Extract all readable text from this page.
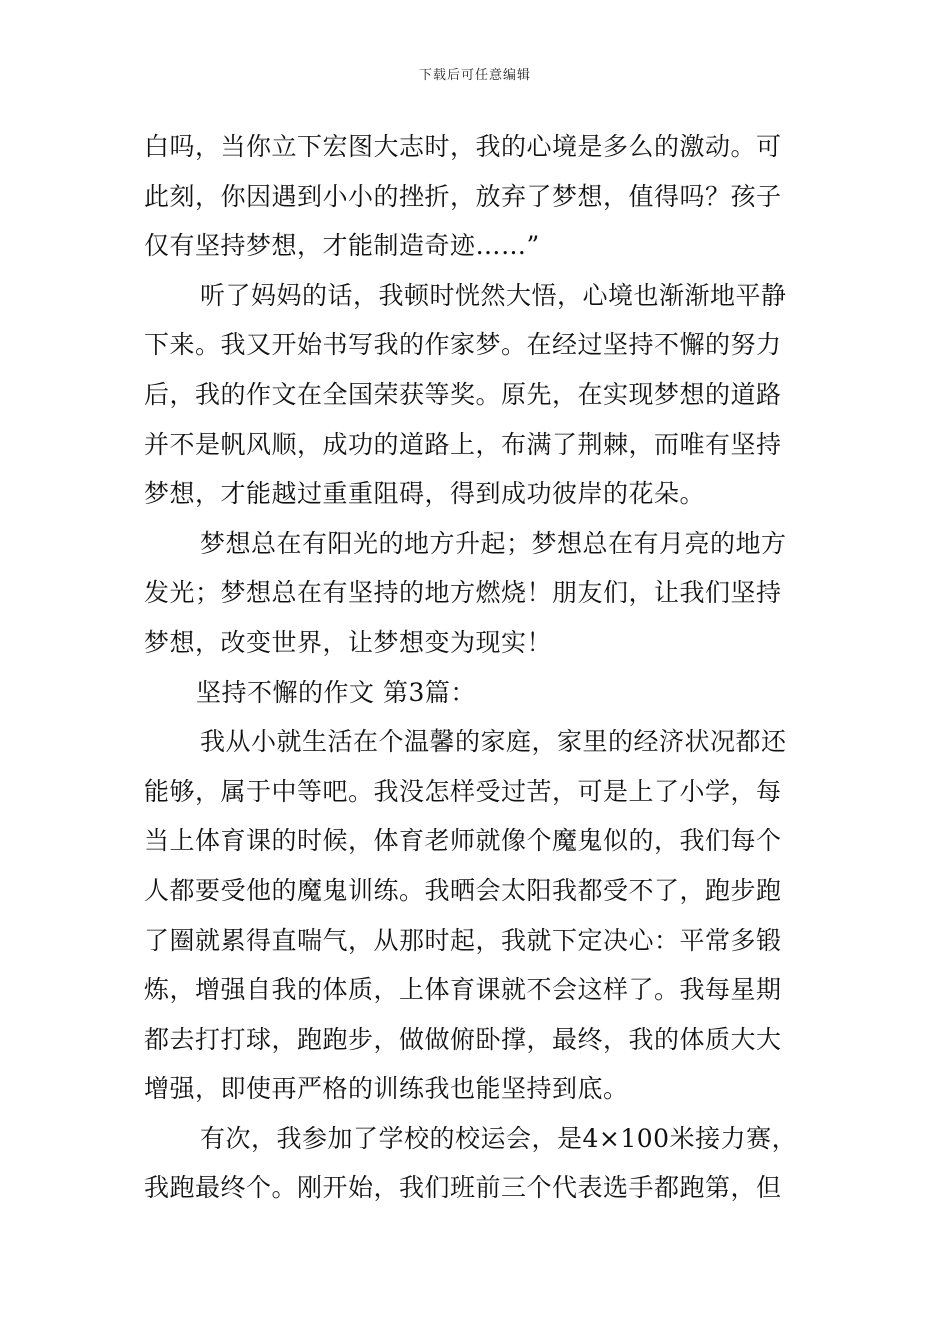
下载后可任意编辑
白吗，当你立下宏图大志时，我的心境是多么的激动。可
此刻，你因遇到小小的挫折，放弃了梦想，值得吗？孩子
仅有坚持梦想，才能制造奇迹……”
听了妈妈的话，我顿时恍然大悟，心境也渐渐地平静
下来。我又开始书写我的作家梦。在经过坚持不懈的努力
后，我的作文在全国荣获等奖。原先，在实现梦想的道路
并不是帆风顺，成功的道路上，布满了荆棘，而唯有坚持
梦想，才能越过重重阻碍，得到成功彼岸的花朵。
梦想总在有阳光的地方升起；梦想总在有月亮的地方
发光；梦想总在有坚持的地方燃烧！朋友们，让我们坚持
梦想，改变世界，让梦想变为现实！
坚持不懈的作文 第3篇：
我从小就生活在个温馨的家庭，家里的经济状况都还
能够，属于中等吧。我没怎样受过苦，可是上了小学，每
当上体育课的时候，体育老师就像个魔鬼似的，我们每个
人都要受他的魔鬼训练。我晒会太阳我都受不了，跑步跑
了圈就累得直喘气，从那时起，我就下定决心：平常多锻
炼，增强自我的体质，上体育课就不会这样了。我每星期
都去打打球，跑跑步，做做俯卧撑，最终，我的体质大大
增强，即使再严格的训练我也能坚持到底。
有次，我参加了学校的校运会，是4×100米接力赛，
我跑最终个。刚开始，我们班前三个代表选手都跑第，但
